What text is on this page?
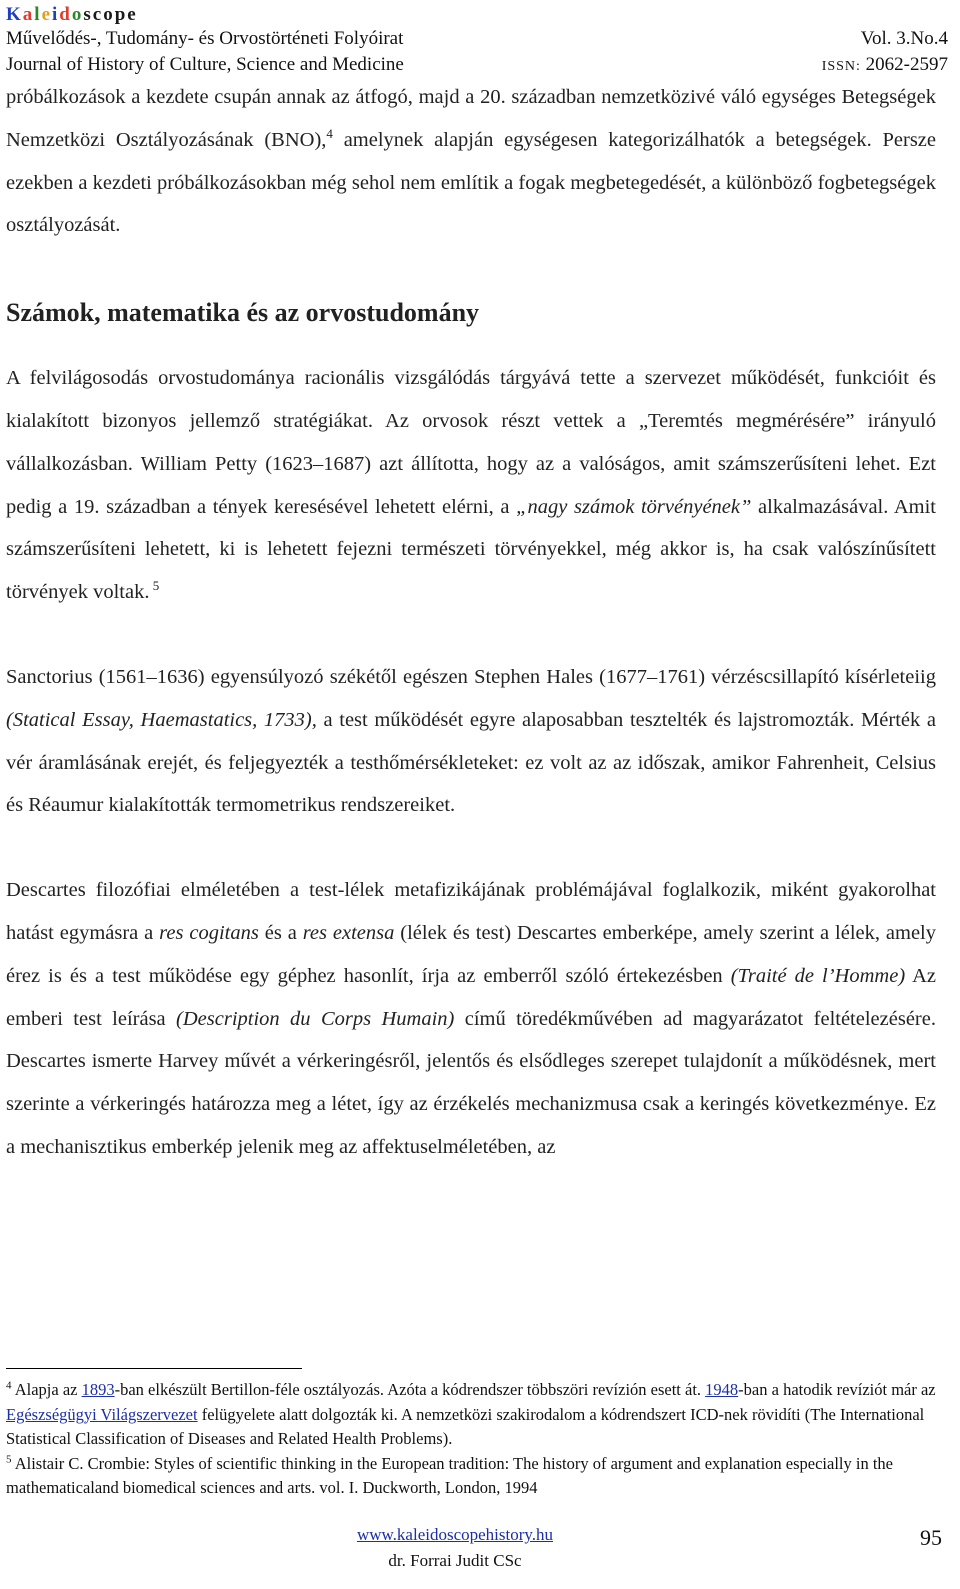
Kaleidoscope
Művelődés-, Tudomány- és Orvostörténeti Folyóirat	Vol. 3.No.4
Journal of History of Culture, Science and Medicine	ISSN: 2062-2597

próbálkozások a kezdete csupán annak az átfogó, majd a 20. században nemzetközivé váló egységes Betegségek Nemzetközi Osztályozásának (BNO),$^4$ amelynek alapján egységesen kategorizálhatók a betegségek. Persze ezekben a kezdeti próbálkozásokban még sehol nem említik a fogak megbetegedését, a különböző fogbetegségek osztályozását.

Számok, matematika és az orvostudomány

A felvilágosodás orvostudománya racionális vizsgálódás tárgyává tette a szervezet működését, funkcióit és kialakított bizonyos jellemző stratégiákat. Az orvosok részt vettek a „Teremtés megmérésére” irányuló vállalkozásban. William Petty (1623–1687) azt állította, hogy az a valóságos, amit számszerűsíteni lehet. Ezt pedig a 19. században a tények keresésével lehetett elérni, a „nagy számok törvényének” alkalmazásával. Amit számszerűsíteni lehetett, ki is lehetett fejezni természeti törvényekkel, még akkor is, ha csak valószínűsített törvények voltak. $^5$

Sanctorius (1561–1636) egyensúlyozó székétől egészen Stephen Hales (1677–1761) vérzéscsillapító kísérleteiig (Statical Essay, Haemastatics, 1733), a test működését egyre alaposabban tesztelték és lajstromozták. Mérték a vér áramlásának erejét, és feljegyezték a testhőmérsékleteket: ez volt az az időszak, amikor Fahrenheit, Celsius és Réaumur kialakították termometrikus rendszereiket.

Descartes filozófiai elméletében a test-lélek metafizikájának problémájával foglalkozik, miként gyakorolhat hatást egymásra a res cogitans és a res extensa (lélek és test) Descartes emberképe, amely szerint a lélek, amely érez is és a test működése egy géphez hasonlít, írja az emberről szóló értekezésben (Traité de l’Homme) Az emberi test leírása (Description du Corps Humain) című töredékművében ad magyarázatot feltételezésére. Descartes ismerte Harvey művét a vérkeringésről, jelentős és elsődleges szerepet tulajdonít a működésnek, mert szerinte a vérkeringés határozza meg a létet, így az érzékelés mechanizmusa csak a keringés következménye. Ez a mechanisztikus emberkép jelenik meg az affektuselméletében, az

$^4$ Alapja az 1893-ban elkészült Bertillon-féle osztályozás. Azóta a kódrendszer többszöri revízión esett át. 1948-ban a hatodik revíziót már az Egészségügyi Világszervezet felügyelete alatt dolgozták ki. A nemzetközi szakirodalom a kódrendszert ICD-nek rövidíti (The International Statistical Classification of Diseases and Related Health Problems).

$^5$ Alistair C. Crombie: Styles of scientific thinking in the European tradition: The history of argument and explanation especially in the mathematicaland biomedical sciences and arts. vol. I. Duckworth, London, 1994

www.kaleidoscopehistory.hu
dr. Forrai Judit CSc
95
